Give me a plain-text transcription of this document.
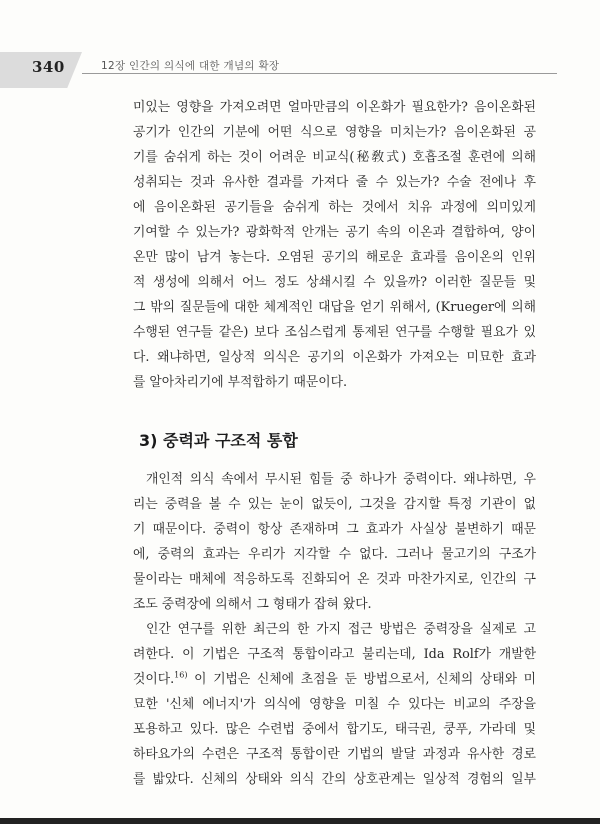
340	12장 인간의 의식에 대한 개념의 확장
미있는 영향을 가져오려면 얼마만큼의 이온화가 필요한가? 음이온화된
공기가 인간의 기분에 어떤 식으로 영향을 미치는가? 음이온화된 공
기를 숨쉬게 하는 것이 어려운 비교식(秘敎式) 호흡조절 훈련에 의해
성취되는 것과 유사한 결과를 가져다 줄 수 있는가? 수술 전에나 후
에 음이온화된 공기들을 숨쉬게 하는 것에서 치유 과정에 의미있게
기여할 수 있는가? 광화학적 안개는 공기 속의 이온과 결합하여, 양이
온만 많이 남겨 놓는다. 오염된 공기의 해로운 효과를 음이온의 인위
적 생성에 의해서 어느 정도 상쇄시킬 수 있을까? 이러한 질문들 및
그 밖의 질문들에 대한 체계적인 대답을 얻기 위해서, (Krueger에 의해
수행된 연구들 같은) 보다 조심스럽게 통제된 연구를 수행할 필요가 있
다. 왜냐하면, 일상적 의식은 공기의 이온화가 가져오는 미묘한 효과
를 알아차리기에 부적합하기 때문이다.
3) 중력과 구조적 통합
개인적 의식 속에서 무시된 힘들 중 하나가 중력이다. 왜냐하면, 우
리는 중력을 볼 수 있는 눈이 없듯이, 그것을 감지할 특정 기관이 없
기 때문이다. 중력이 항상 존재하며 그 효과가 사실상 불변하기 때문
에, 중력의 효과는 우리가 지각할 수 없다. 그러나 물고기의 구조가
물이라는 매체에 적응하도록 진화되어 온 것과 마찬가지로, 인간의 구
조도 중력장에 의해서 그 형태가 잡혀 왔다.
인간 연구를 위한 최근의 한 가지 접근 방법은 중력장을 실제로 고
려한다. 이 기법은 구조적 통합이라고 불리는데, Ida Rolf가 개발한
것이다.$^{16)}$ 이 기법은 신체에 초점을 둔 방법으로서, 신체의 상태와 미
묘한 '신체 에너지'가 의식에 영향을 미칠 수 있다는 비교의 주장을
포용하고 있다. 많은 수련법 중에서 합기도, 태극권, 쿵푸, 가라데 및
하타요가의 수련은 구조적 통합이란 기법의 발달 과정과 유사한 경로
를 밟았다. 신체의 상태와 의식 간의 상호관계는 일상적 경험의 일부
